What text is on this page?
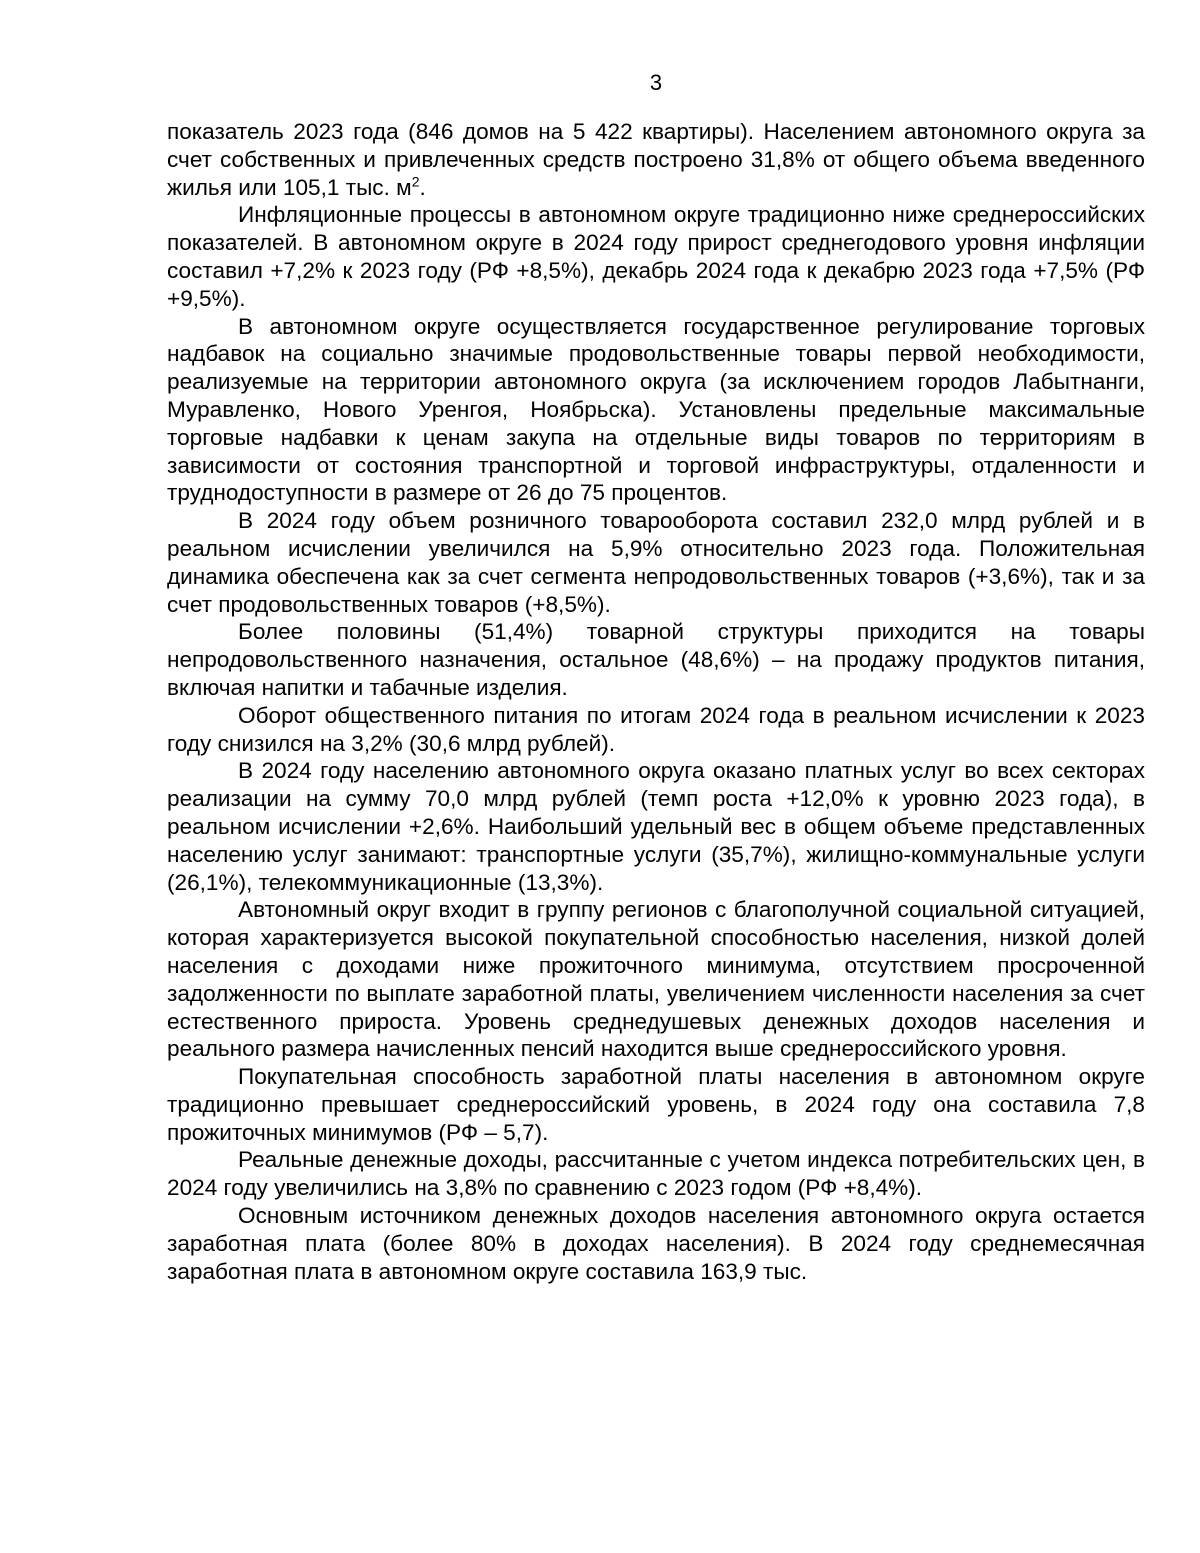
3

показатель 2023 года (846 домов на 5 422 квартиры). Населением автономного округа за счет собственных и привлеченных средств построено 31,8% от общего объема введенного жилья или 105,1 тыс. $м^2$.

Инфляционные процессы в автономном округе традиционно ниже среднероссийских показателей. В автономном округе в 2024 году прирост среднегодового уровня инфляции составил +7,2% к 2023 году (РФ +8,5%), декабрь 2024 года к декабрю 2023 года +7,5% (РФ +9,5%).

В автономном округе осуществляется государственное регулирование торговых надбавок на социально значимые продовольственные товары первой необходимости, реализуемые на территории автономного округа (за исключением городов Лабытнанги, Муравленко, Нового Уренгоя, Ноябрьска). Установлены предельные максимальные торговые надбавки к ценам закупа на отдельные виды товаров по территориям в зависимости от состояния транспортной и торговой инфраструктуры, отдаленности и труднодоступности в размере от 26 до 75 процентов.

В 2024 году объем розничного товарооборота составил 232,0 млрд рублей и в реальном исчислении увеличился на 5,9% относительно 2023 года. Положительная динамика обеспечена как за счет сегмента непродовольственных товаров (+3,6%), так и за счет продовольственных товаров (+8,5%).

Более половины (51,4%) товарной структуры приходится на товары непродовольственного назначения, остальное (48,6%) – на продажу продуктов питания, включая напитки и табачные изделия.

Оборот общественного питания по итогам 2024 года в реальном исчислении к 2023 году снизился на 3,2% (30,6 млрд рублей).

В 2024 году населению автономного округа оказано платных услуг во всех секторах реализации на сумму 70,0 млрд рублей (темп роста +12,0% к уровню 2023 года), в реальном исчислении +2,6%. Наибольший удельный вес в общем объеме представленных населению услуг занимают: транспортные услуги (35,7%), жилищно-коммунальные услуги (26,1%), телекоммуникационные (13,3%).

Автономный округ входит в группу регионов с благополучной социальной ситуацией, которая характеризуется высокой покупательной способностью населения, низкой долей населения с доходами ниже прожиточного минимума, отсутствием просроченной задолженности по выплате заработной платы, увеличением численности населения за счет естественного прироста. Уровень среднедушевых денежных доходов населения и реального размера начисленных пенсий находится выше среднероссийского уровня.

Покупательная способность заработной платы населения в автономном округе традиционно превышает среднероссийский уровень, в 2024 году она составила 7,8 прожиточных минимумов (РФ – 5,7).

Реальные денежные доходы, рассчитанные с учетом индекса потребительских цен, в 2024 году увеличились на 3,8% по сравнению с 2023 годом (РФ +8,4%).

Основным источником денежных доходов населения автономного округа остается заработная плата (более 80% в доходах населения). В 2024 году среднемесячная заработная плата в автономном округе составила 163,9 тыс.
